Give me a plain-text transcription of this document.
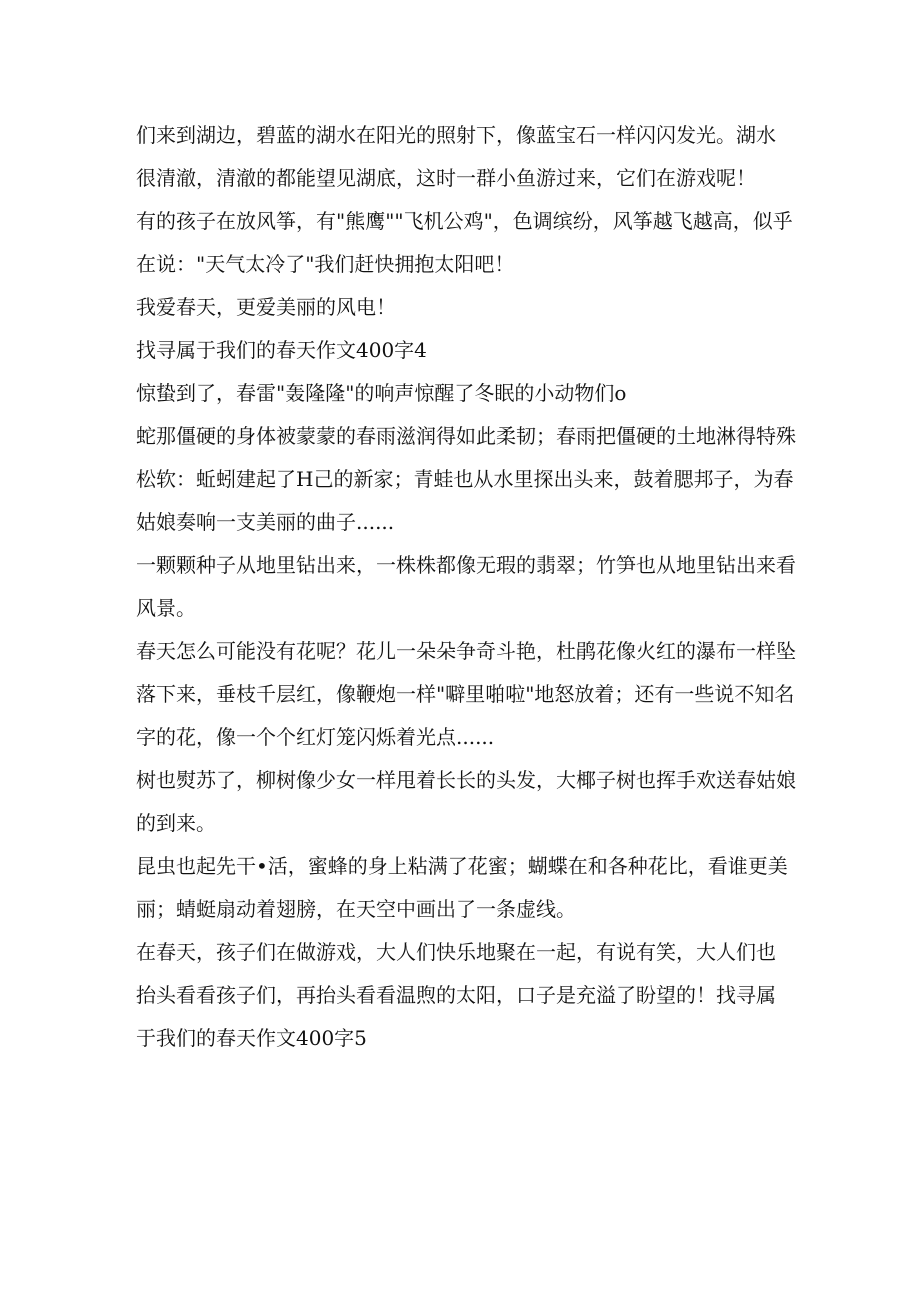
们来到湖边，碧蓝的湖水在阳光的照射下，像蓝宝石一样闪闪发光。湖水
很清澈，清澈的都能望见湖底，这时一群小鱼游过来，它们在游戏呢！
有的孩子在放风筝，有"熊鹰""飞机公鸡"，色调缤纷，风筝越飞越高，似乎
在说："天气太冷了"我们赶快拥抱太阳吧！
我爱春天，更爱美丽的风电！
找寻属于我们的春天作文400字4
惊蛰到了，春雷"轰隆隆"的响声惊醒了冬眠的小动物们o
蛇那僵硬的身体被蒙蒙的春雨滋润得如此柔韧；春雨把僵硬的土地淋得特殊
松软：蚯蚓建起了H己的新家；青蛙也从水里探出头来，鼓着腮邦子，为春
姑娘奏响一支美丽的曲子......
一颗颗种子从地里钻出来，一株株都像无瑕的翡翠；竹笋也从地里钻出来看
风景。
春天怎么可能没有花呢？花儿一朵朵争奇斗艳，杜鹃花像火红的瀑布一样坠
落下来，垂枝千层红，像鞭炮一样"噼里啪啦"地怒放着；还有一些说不知名
字的花，像一个个红灯笼闪烁着光点......
树也熨苏了，柳树像少女一样甩着长长的头发，大椰子树也挥手欢送春姑娘
的到来。
昆虫也起先干•活，蜜蜂的身上粘满了花蜜；蝴蝶在和各种花比，看谁更美
丽；蜻蜓扇动着翅膀，在天空中画出了一条虚线。
在春天，孩子们在做游戏，大人们快乐地聚在一起，有说有笑，大人们也
抬头看看孩子们，再抬头看看温煦的太阳，口子是充溢了盼望的！找寻属
于我们的春天作文400字5
